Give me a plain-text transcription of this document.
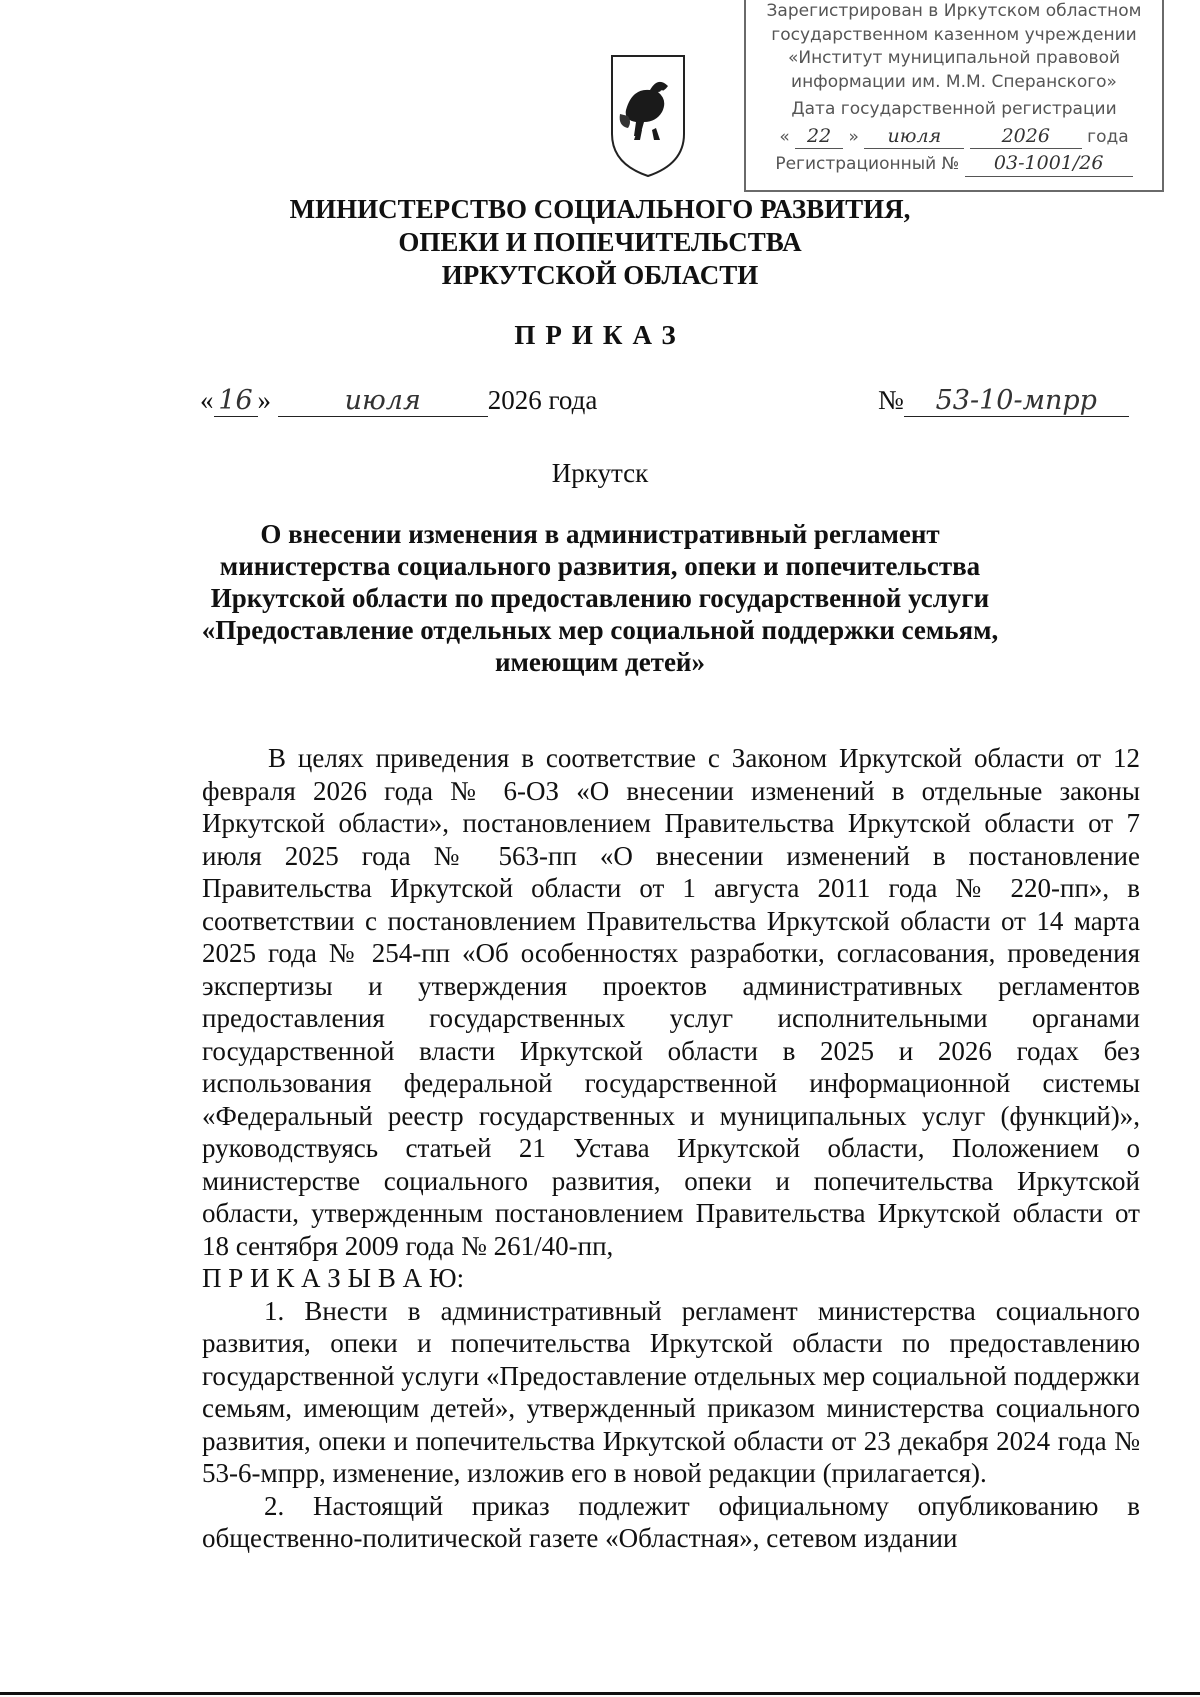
Зарегистрирован в Иркутском областном
государственном казенном учреждении
«Институт муниципальной правовой
информации им. М.М. Сперанского»
Дата государственной регистрации
« 22 » июля	2026 года
Регистрационный № 03-1001/26
МИНИСТЕРСТВО СОЦИАЛЬНОГО РАЗВИТИЯ,
ОПЕКИ И ПОПЕЧИТЕЛЬСТВА
ИРКУТСКОЙ ОБЛАСТИ
ПРИКАЗ
« 16 »	июля 2026 года	№ 53-10-мпрр
Иркутск
О внесении изменения в административный регламент
министерства социального развития, опеки и попечительства
Иркутской области по предоставлению государственной услуги
«Предоставление отдельных мер социальной поддержки семьям,
имеющим детей»

В целях приведения в соответствие с Законом Иркутской области от 12 февраля 2026 года № 6-ОЗ «О внесении изменений в отдельные законы Иркутской области», постановлением Правительства Иркутской области от 7 июля 2025 года № 563-пп «О внесении изменений в постановление Правительства Иркутской области от 1 августа 2011 года № 220-пп», в соответствии с постановлением Правительства Иркутской области от 14 марта 2025 года № 254-пп «Об особенностях разработки, согласования, проведения экспертизы и утверждения проектов административных регламентов предоставления государственных услуг исполнительными органами государственной власти Иркутской области в 2025 и 2026 годах без использования федеральной государственной информационной системы «Федеральный реестр государственных и муниципальных услуг (функций)», руководствуясь статьей 21 Устава Иркутской области, Положением о министерстве социального развития, опеки и попечительства Иркутской области, утвержденным постановлением Правительства Иркутской области от 18 сентября 2009 года № 261/40-пп,

П Р И К А З Ы В А Ю:

1. Внести в административный регламент министерства социального развития, опеки и попечительства Иркутской области по предоставлению государственной услуги «Предоставление отдельных мер социальной поддержки семьям, имеющим детей», утвержденный приказом министерства социального развития, опеки и попечительства Иркутской области от 23 декабря 2024 года № 53-6-мпрр, изменение, изложив его в новой редакции (прилагается).

2. Настоящий приказ подлежит официальному опубликованию в общественно-политической газете «Областная», сетевом издании
